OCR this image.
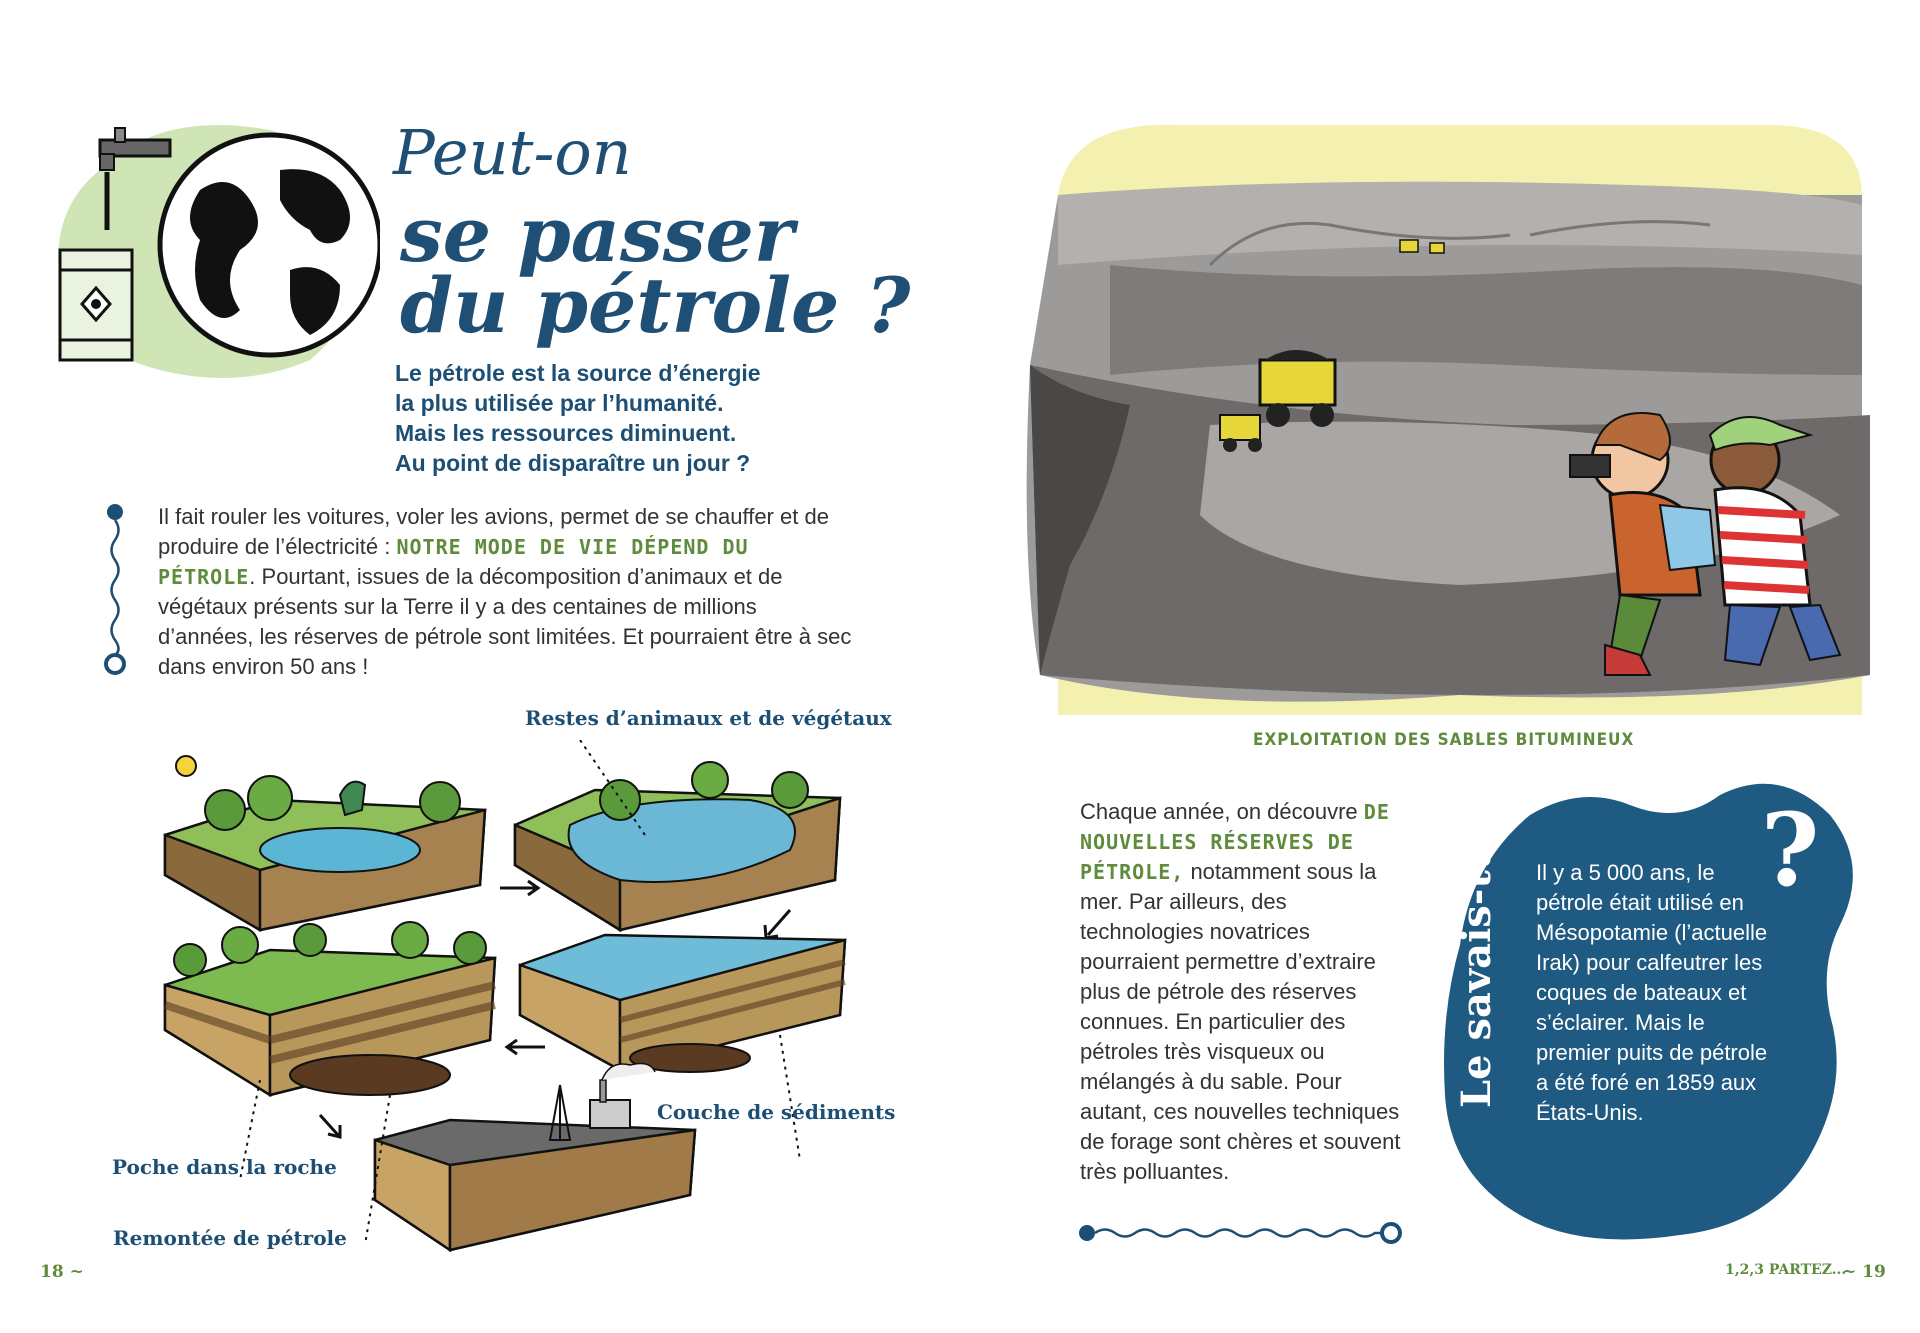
Peut-on
se passer
du pétrole ?
Le pétrole est la source d’énergie
la plus utilisée par l’humanité.
Mais les ressources diminuent.
Au point de disparaître un jour ?
Il fait rouler les voitures, voler les avions, permet de se chauffer et de produire de l’électricité : NOTRE MODE DE VIE DÉPEND DU PÉTROLE. Pourtant, issues de la décomposition d’animaux et de végétaux présents sur la Terre il y a des centaines de millions d’années, les réserves de pétrole sont limitées. Et pourraient être à sec dans environ 50 ans !
Restes d’animaux et de végétaux
Couche de sédiments
Poche dans la roche
Remontée de pétrole
18 ~
EXPLOITATION DES SABLES BITUMINEUX
Chaque année, on découvre DE NOUVELLES RÉSERVES DE PÉTROLE, notamment sous la mer. Par ailleurs, des technologies novatrices pourraient permettre d’extraire plus de pétrole des réserves connues. En particulier des pétroles très visqueux ou mélangés à du sable. Pour autant, ces nouvelles techniques de forage sont chères et souvent très polluantes.
?
Le savais-tu ? Il y a 5 000 ans, le pétrole était utilisé en Mésopotamie (l’actuelle Irak) pour calfeutrer les coques de bateaux et s’éclairer. Mais le premier puits de pétrole a été foré en 1859 aux États-Unis.
1,2,3 PARTEZ...
~ 19
